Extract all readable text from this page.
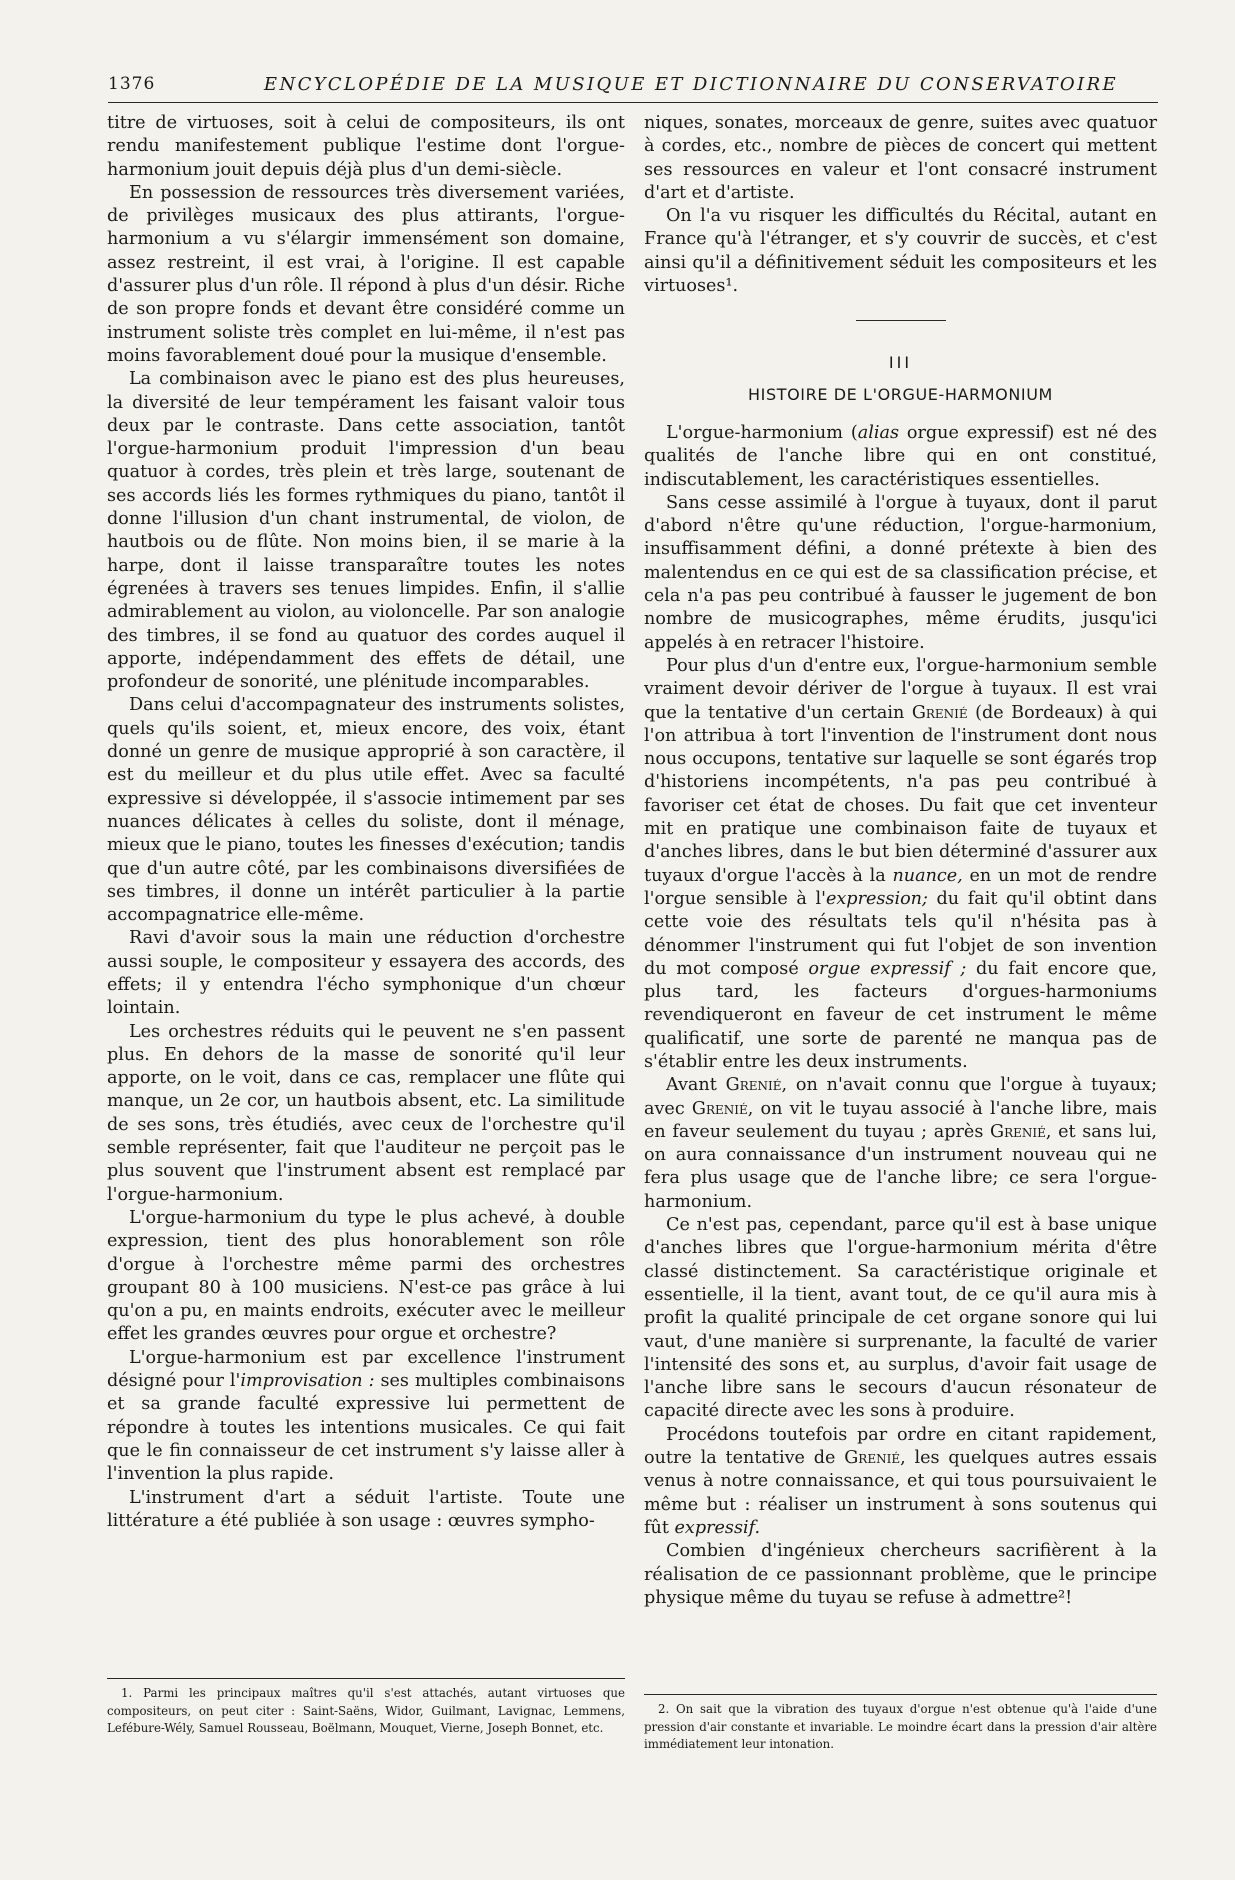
1376	ENCYCLOPÉDIE DE LA MUSIQUE ET DICTIONNAIRE DU CONSERVATOIRE

titre de virtuoses, soit à celui de compositeurs, ils ont rendu manifestement publique l'estime dont l'orgue-harmonium jouit depuis déjà plus d'un demi-siècle.

En possession de ressources très diversement variées, de privilèges musicaux des plus attirants, l'orgue-harmonium a vu s'élargir immensément son domaine, assez restreint, il est vrai, à l'origine. Il est capable d'assurer plus d'un rôle. Il répond à plus d'un désir. Riche de son propre fonds et devant être considéré comme un instrument soliste très complet en lui-même, il n'est pas moins favorablement doué pour la musique d'ensemble.

La combinaison avec le piano est des plus heureuses, la diversité de leur tempérament les faisant valoir tous deux par le contraste. Dans cette association, tantôt l'orgue-harmonium produit l'impression d'un beau quatuor à cordes, très plein et très large, soutenant de ses accords liés les formes rythmiques du piano, tantôt il donne l'illusion d'un chant instrumental, de violon, de hautbois ou de flûte. Non moins bien, il se marie à la harpe, dont il laisse transparaître toutes les notes égrenées à travers ses tenues limpides. Enfin, il s'allie admirablement au violon, au violoncelle. Par son analogie des timbres, il se fond au quatuor des cordes auquel il apporte, indépendamment des effets de détail, une profondeur de sonorité, une plénitude incomparables.

Dans celui d'accompagnateur des instruments solistes, quels qu'ils soient, et, mieux encore, des voix, étant donné un genre de musique approprié à son caractère, il est du meilleur et du plus utile effet. Avec sa faculté expressive si développée, il s'associe intimement par ses nuances délicates à celles du soliste, dont il ménage, mieux que le piano, toutes les finesses d'exécution; tandis que d'un autre côté, par les combinaisons diversifiées de ses timbres, il donne un intérêt particulier à la partie accompagnatrice elle-même.

Ravi d'avoir sous la main une réduction d'orchestre aussi souple, le compositeur y essayera des accords, des effets; il y entendra l'écho symphonique d'un chœur lointain.

Les orchestres réduits qui le peuvent ne s'en passent plus. En dehors de la masse de sonorité qu'il leur apporte, on le voit, dans ce cas, remplacer une flûte qui manque, un 2e cor, un hautbois absent, etc. La similitude de ses sons, très étudiés, avec ceux de l'orchestre qu'il semble représenter, fait que l'auditeur ne perçoit pas le plus souvent que l'instrument absent est remplacé par l'orgue-harmonium.

L'orgue-harmonium du type le plus achevé, à double expression, tient des plus honorablement son rôle d'orgue à l'orchestre même parmi des orchestres groupant 80 à 100 musiciens. N'est-ce pas grâce à lui qu'on a pu, en maints endroits, exécuter avec le meilleur effet les grandes œuvres pour orgue et orchestre?

L'orgue-harmonium est par excellence l'instrument désigné pour l'improvisation : ses multiples combinaisons et sa grande faculté expressive lui permettent de répondre à toutes les intentions musicales. Ce qui fait que le fin connaisseur de cet instrument s'y laisse aller à l'invention la plus rapide.

L'instrument d'art a séduit l'artiste. Toute une littérature a été publiée à son usage : œuvres sympho-

niques, sonates, morceaux de genre, suites avec quatuor à cordes, etc., nombre de pièces de concert qui mettent ses ressources en valeur et l'ont consacré instrument d'art et d'artiste.

On l'a vu risquer les difficultés du Récital, autant en France qu'à l'étranger, et s'y couvrir de succès, et c'est ainsi qu'il a définitivement séduit les compositeurs et les virtuoses¹.

III
HISTOIRE DE L'ORGUE-HARMONIUM

L'orgue-harmonium (alias orgue expressif) est né des qualités de l'anche libre qui en ont constitué, indiscutablement, les caractéristiques essentielles.

Sans cesse assimilé à l'orgue à tuyaux, dont il parut d'abord n'être qu'une réduction, l'orgue-harmonium, insuffisamment défini, a donné prétexte à bien des malentendus en ce qui est de sa classification précise, et cela n'a pas peu contribué à fausser le jugement de bon nombre de musicographes, même érudits, jusqu'ici appelés à en retracer l'histoire.

Pour plus d'un d'entre eux, l'orgue-harmonium semble vraiment devoir dériver de l'orgue à tuyaux. Il est vrai que la tentative d'un certain Grenié (de Bordeaux) à qui l'on attribua à tort l'invention de l'instrument dont nous nous occupons, tentative sur laquelle se sont égarés trop d'historiens incompétents, n'a pas peu contribué à favoriser cet état de choses. Du fait que cet inventeur mit en pratique une combinaison faite de tuyaux et d'anches libres, dans le but bien déterminé d'assurer aux tuyaux d'orgue l'accès à la nuance, en un mot de rendre l'orgue sensible à l'expression; du fait qu'il obtint dans cette voie des résultats tels qu'il n'hésita pas à dénommer l'instrument qui fut l'objet de son invention du mot composé orgue expressif ; du fait encore que, plus tard, les facteurs d'orgues-harmoniums revendiqueront en faveur de cet instrument le même qualificatif, une sorte de parenté ne manqua pas de s'établir entre les deux instruments.

Avant Grenié, on n'avait connu que l'orgue à tuyaux; avec Grenié, on vit le tuyau associé à l'anche libre, mais en faveur seulement du tuyau ; après Grenié, et sans lui, on aura connaissance d'un instrument nouveau qui ne fera plus usage que de l'anche libre; ce sera l'orgue-harmonium.

Ce n'est pas, cependant, parce qu'il est à base unique d'anches libres que l'orgue-harmonium mérita d'être classé distinctement. Sa caractéristique originale et essentielle, il la tient, avant tout, de ce qu'il aura mis à profit la qualité principale de cet organe sonore qui lui vaut, d'une manière si surprenante, la faculté de varier l'intensité des sons et, au surplus, d'avoir fait usage de l'anche libre sans le secours d'aucun résonateur de capacité directe avec les sons à produire.

Procédons toutefois par ordre en citant rapidement, outre la tentative de Grenié, les quelques autres essais venus à notre connaissance, et qui tous poursuivaient le même but : réaliser un instrument à sons soutenus qui fût expressif.

Combien d'ingénieux chercheurs sacrifièrent à la réalisation de ce passionnant problème, que le principe physique même du tuyau se refuse à admettre²!

1. Parmi les principaux maîtres qu'il s'est attachés, autant virtuoses que compositeurs, on peut citer : Saint-Saëns, Widor, Guilmant, Lavignac, Lemmens, Lefébure-Wély, Samuel Rousseau, Boëlmann, Mouquet, Vierne, Joseph Bonnet, etc.

2. On sait que la vibration des tuyaux d'orgue n'est obtenue qu'à l'aide d'une pression d'air constante et invariable. Le moindre écart dans la pression d'air altère immédiatement leur intonation.
